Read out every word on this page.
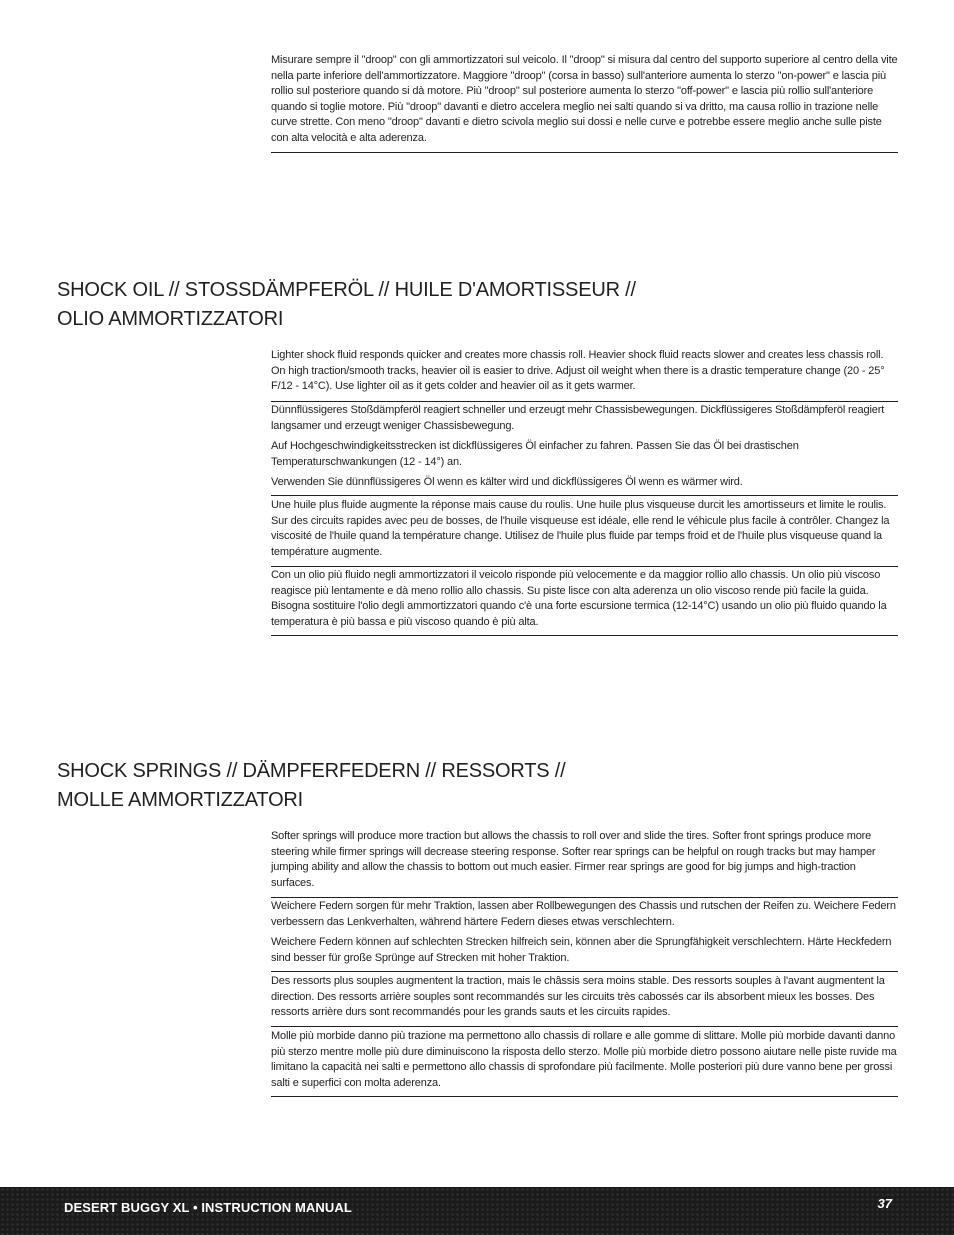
Misurare sempre il "droop" con gli ammortizzatori sul veicolo. Il "droop" si misura dal centro del supporto superiore al centro della vite nella parte inferiore dell'ammortizzatore. Maggiore "droop" (corsa in basso) sull'anteriore aumenta lo sterzo "on-power" e lascia più rollio sul posteriore quando si dà motore. Più "droop" sul posteriore aumenta lo sterzo "off-power" e lascia più rollio sull'anteriore quando si toglie motore. Più "droop" davanti e dietro accelera meglio nei salti quando si va dritto, ma causa rollio in trazione nelle curve strette. Con meno "droop" davanti e dietro scivola meglio sui dossi e nelle curve e potrebbe essere meglio anche sulle piste con alta velocità e alta aderenza.

SHOCK OIL // STOSSDÄMPFERÖL // HUILE D'AMORTISSEUR //
OLIO AMMORTIZZATORI

Lighter shock fluid responds quicker and creates more chassis roll. Heavier shock fluid reacts slower and creates less chassis roll. On high traction/smooth tracks, heavier oil is easier to drive. Adjust oil weight when there is a drastic temperature change (20 - 25° F/12 - 14°C). Use lighter oil as it gets colder and heavier oil as it gets warmer.

Dünnflüssigeres Stoßdämpferöl reagiert schneller und erzeugt mehr Chassisbewegungen. Dickflüssigeres Stoßdämpferöl reagiert langsamer und erzeugt weniger Chassisbewegung.

Auf Hochgeschwindigkeitsstrecken ist dickflüssigeres Öl einfacher zu fahren. Passen Sie das Öl bei drastischen Temperaturschwankungen (12 - 14°) an.

Verwenden Sie dünnflüssigeres Öl wenn es kälter wird und dickflüssigeres Öl wenn es wärmer wird.

Une huile plus fluide augmente la réponse mais cause du roulis. Une huile plus visqueuse durcit les amortisseurs et limite le roulis. Sur des circuits rapides avec peu de bosses, de l'huile visqueuse est idéale, elle rend le véhicule plus facile à contrôler. Changez la viscosité de l'huile quand la température change. Utilisez de l'huile plus fluide par temps froid et de l'huile plus visqueuse quand la température augmente.

Con un olio più fluido negli ammortizzatori il veicolo risponde più velocemente e da maggior rollio allo chassis. Un olio più viscoso reagisce più lentamente e dà meno rollio allo chassis. Su piste lisce con alta aderenza un olio viscoso rende più facile la guida. Bisogna sostituire l'olio degli ammortizzatori quando c'è una forte escursione termica (12-14°C) usando un olio più fluido quando la temperatura è più bassa e più viscoso quando è più alta.

SHOCK SPRINGS // DÄMPFERFEDERN // RESSORTS //
MOLLE AMMORTIZZATORI

Softer springs will produce more traction but allows the chassis to roll over and slide the tires. Softer front springs produce more steering while firmer springs will decrease steering response. Softer rear springs can be helpful on rough tracks but may hamper jumping ability and allow the chassis to bottom out much easier. Firmer rear springs are good for big jumps and high-traction surfaces.

Weichere Federn sorgen für mehr Traktion, lassen aber Rollbewegungen des Chassis und rutschen der Reifen zu. Weichere Federn verbessern das Lenkverhalten, während härtere Federn dieses etwas verschlechtern.

Weichere Federn können auf schlechten Strecken hilfreich sein, können aber die Sprungfähigkeit verschlechtern. Härte Heckfedern sind besser für große Sprünge auf Strecken mit hoher Traktion.

Des ressorts plus souples augmentent la traction, mais le châssis sera moins stable. Des ressorts souples à l'avant augmentent la direction. Des ressorts arrière souples sont recommandés sur les circuits très cabossés car ils absorbent mieux les bosses. Des ressorts arrière durs sont recommandés pour les grands sauts et les circuits rapides.

Molle più morbide danno più trazione ma permettono allo chassis di rollare e alle gomme di slittare. Molle più morbide davanti danno più sterzo mentre molle più dure diminuiscono la risposta dello sterzo. Molle più morbide dietro possono aiutare nelle piste ruvide ma limitano la capacità nei salti e permettono allo chassis di sprofondare più facilmente. Molle posteriori più dure vanno bene per grossi salti e superfici con molta aderenza.

DESERT BUGGY XL • INSTRUCTION MANUAL	37
